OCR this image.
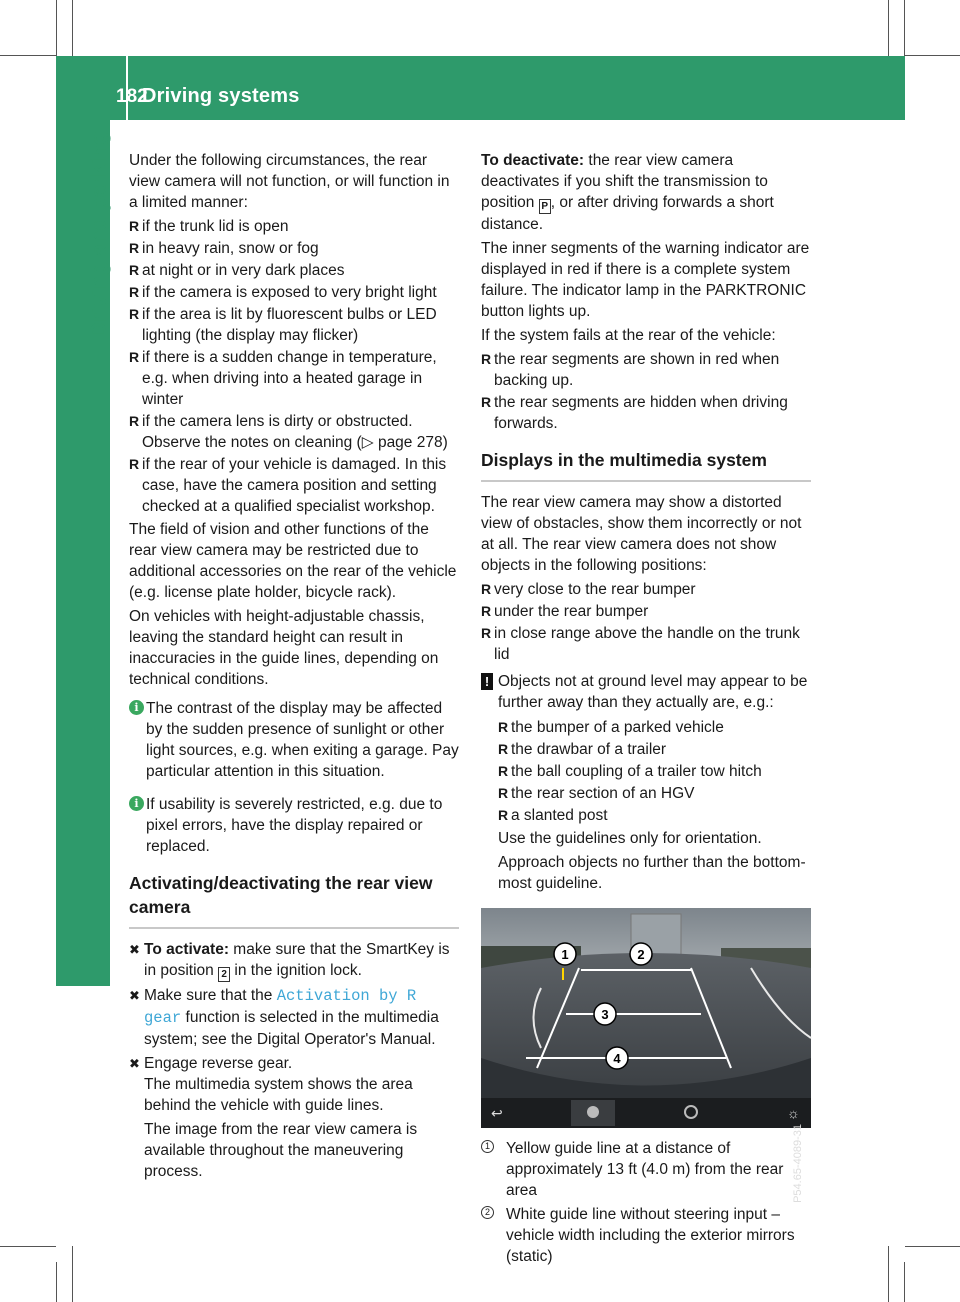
182
Driving systems
Driving and parking Under the following circumstances, the rear view camera will not function, or will function in a limited manner:

R if the trunk lid is open
R in heavy rain, snow or fog
R at night or in very dark places
R if the camera is exposed to very bright light
R if the area is lit by fluorescent bulbs or LED lighting (the display may flicker)
R if there is a sudden change in temperature, e.g. when driving into a heated garage in winter
R if the camera lens is dirty or obstructed. Observe the notes on cleaning (▷ page 278)
R if the rear of your vehicle is damaged. In this case, have the camera position and setting checked at a qualified specialist workshop.

The field of vision and other functions of the rear view camera may be restricted due to additional accessories on the rear of the vehicle (e.g. license plate holder, bicycle rack).

On vehicles with height-adjustable chassis, leaving the standard height can result in inaccuracies in the guide lines, depending on technical conditions.

i The contrast of the display may be affected by the sudden presence of sunlight or other light sources, e.g. when exiting a garage. Pay particular attention in this situation.
i If usability is severely restricted, e.g. due to pixel errors, have the display repaired or replaced.
Activating/deactivating the rear view camera
✖ To activate: make sure that the SmartKey is in position 2 in the ignition lock.
✖ Make sure that the Activation by R gear function is selected in the multimedia system; see the Digital Operator's Manual.
✖ Engage reverse gear.
The multimedia system shows the area behind the vehicle with guide lines.

The image from the rear view camera is available throughout the maneuvering process.

To deactivate: the rear view camera deactivates if you shift the transmission to position P , or after driving forwards a short distance.

The inner segments of the warning indicator are displayed in red if there is a complete system failure. The indicator lamp in the PARKTRONIC button lights up.

If the system fails at the rear of the vehicle:

R the rear segments are shown in red when backing up.
R the rear segments are hidden when driving forwards.
Displays in the multimedia system

The rear view camera may show a distorted view of obstacles, show them incorrectly or not at all. The rear view camera does not show objects in the following positions:

R very close to the rear bumper
R under the rear bumper
R in close range above the handle on the trunk lid
! Objects not at ground level may appear to be further away than they actually are, e.g.:
R the bumper of a parked vehicle
R the drawbar of a trailer
R the ball coupling of a trailer tow hitch
R the rear section of an HGV
R a slanted post

Use the guidelines only for orientation.

Approach objects no further than the bottom-most guideline.

1	2
3
4
↩	☼
P54.65-4089-31
1 Yellow guide line at a distance of approximately 13 ft (4.0 m) from the rear area
2 White guide line without steering input – vehicle width including the exterior mirrors (static)
